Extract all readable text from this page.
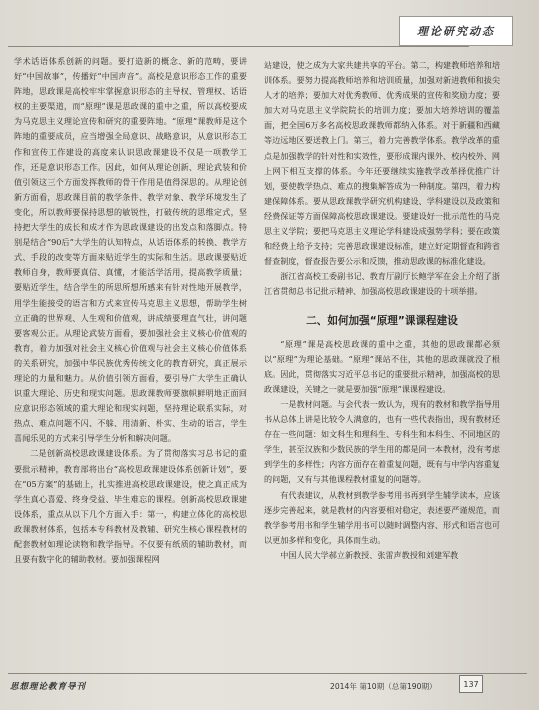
理论研究动态

学术话语体系创新的问题。要打造新的概念、新的范畴，要讲好“中国故事”，传播好“中国声音”。高校是意识形态工作的重要阵地，思政课是高校牢牢掌握意识形态的主导权、管理权、话语权的主要渠道，而“原理”课是思政课的重中之重，所以高校要成为马克思主义理论宣传和研究的重要阵地。“原理”课教师是这个阵地的重要成员，应当增强全局意识、战略意识，从意识形态工作和宣传工作建设的高度来认识思政课建设不仅是一项教学工作，还是意识形态工作。因此，如何从理论创新、理论武装和价值引领这三个方面发挥教师的骨干作用是值得深思的。从理论创新方面看，思政课目前的教学条件、教学对象、教学环境发生了变化，所以教师要保持思想的敏锐性，打破传统的思维定式，坚持把大学生的成长和成才作为思政课建设的出发点和落脚点。特别是结合“90后”大学生的认知特点，从话语体系的转换、教学方式、手段的改变等方面来贴近学生的实际和生活。思政课要贴近教师自身，教师要真信、真懂，才能活学活用，提高教学质量；要贴近学生，结合学生的所思所想所感来有针对性地开展教学，用学生能接受的语言和方式来宣传马克思主义思想，帮助学生树立正确的世界观、人生观和价值观，讲成绩要理直气壮，讲问题要客观公正。从理论武装方面看，要加强社会主义核心价值观的教育，着力加强对社会主义核心价值观与社会主义核心价值体系的关系研究，加强中华民族优秀传统文化的教育研究，真正展示理论的力量和魅力。从价值引领方面看，要引导广大学生正确认识重大理论、历史和现实问题。思政课教师要旗帜鲜明地正面回应意识形态领域的重大理论和现实问题，坚持理论联系实际，对热点、难点问题不闪、不躲、用清新、朴实、生动的语言，学生喜闻乐见的方式来引导学生分析和解决问题。

二是创新高校思政课建设体系。为了贯彻落实习总书记的重要批示精神，教育部将出台“高校思政课建设体系创新计划”，要在“05方案”的基础上，扎实推进高校思政课建设，使之真正成为学生真心喜爱、终身受益、毕生难忘的课程。创新高校思政课建设体系，重点从以下几个方面入手：第一，构建立体化的高校思政课教材体系，包括本专科教材及教辅、研究生核心课程教材的配套教材如理论读物和教学指导。不仅要有纸质的辅助教材，而且要有数字化的辅助教材。要加强课程网

站建设，使之成为大家共建共享的平台。第二，构建教师培养和培训体系。要努力提高教师培养和培训质量，加强对新进教师和拔尖人才的培养；要加大对优秀教师、优秀成果的宣传和奖励力度；要加大对马克思主义学院院长的培训力度；要加大培养培训的覆盖面，把全国6万多名高校思政课教师都纳入体系。对于新疆和西藏等边远地区要送教上门。第三，着力完善教学体系。教学改革的重点是加强教学的针对性和实效性，要形成课内课外、校内校外、网上网下相互支撑的体系。今年还要继续实施教学改革择优推广计划，要使教学热点、难点的搜集解答成为一种制度。第四，着力构建保障体系。要从思政课教学研究机构建设、学科建设以及政策和经费保证等方面保障高校思政课建设。要建设好一批示范性的马克思主义学院；要把马克思主义理论学科建设成强势学科；要在政策和经费上给予支持；完善思政课建设标准，建立好定期督查和跨省督查制度，督查报告要公示和反馈，推动思政课的标准化建设。

浙江省高校工委副书记、教育厅副厅长鲍学军在会上介绍了浙江省贯彻总书记批示精神、加强高校思政课建设的十项举措。

二、如何加强“原理”课课程建设

“原理”课是高校思政课的重中之重，其他的思政课都必须以“原理”为理论基础。“原理”课站不住，其他的思政课就没了根底。因此，贯彻落实习近平总书记的重要批示精神，加强高校的思政课建设，关键之一就是要加强“原理”课课程建设。

一是教材问题。与会代表一致认为，现有的教材和教学指导用书从总体上讲是比较令人满意的，也有一些代表指出，现有教材还存在一些问题：如文科生和理科生、专科生和本科生、不同地区的学生，甚至汉族和少数民族的学生用的都是同一本教材，没有考虑到学生的多样性；内容方面存在着重复问题，既有与中学内容重复的问题，又有与其他课程教材重复的问题等。

有代表建议，从教材到教学参考用书再到学生辅学读本，应该逐步完善起来，就是教材的内容要相对稳定，表述要严谨规范，而教学参考用书和学生辅学用书可以随时调整内容、形式和语言也可以更加多样和变化，具体而生动。

中国人民大学郝立新教授、张雷声教授和刘建军教

思想理论教育导刊	2014年 第10期（总第190期）	137
